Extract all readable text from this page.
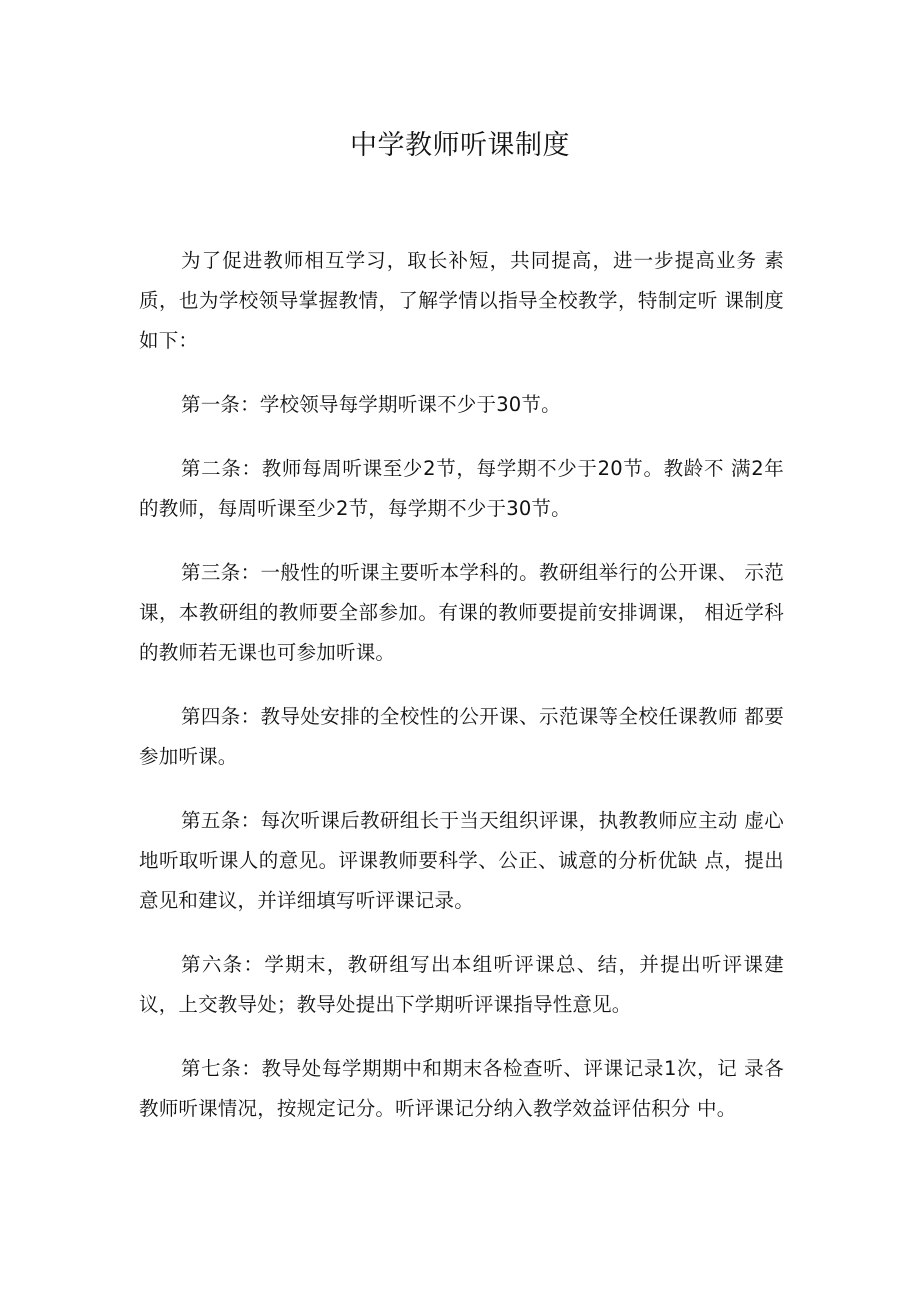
中学教师听课制度

为了促进教师相互学习，取长补短，共同提高，进一步提高业务 素质，也为学校领导掌握教情，了解学情以指导全校教学，特制定听 课制度如下：

第一条：学校领导每学期听课不少于30节。

第二条：教师每周听课至少2节，每学期不少于20节。教龄不 满2年的教师，每周听课至少2节，每学期不少于30节。

第三条：一般性的听课主要听本学科的。教研组举行的公开课、 示范课，本教研组的教师要全部参加。有课的教师要提前安排调课， 相近学科的教师若无课也可参加听课。

第四条：教导处安排的全校性的公开课、示范课等全校任课教师 都要参加听课。

第五条：每次听课后教研组长于当天组织评课，执教教师应主动 虚心地听取听课人的意见。评课教师要科学、公正、诚意的分析优缺 点，提出意见和建议，并详细填写听评课记录。

第六条：学期末，教研组写出本组听评课总、结，并提出听评课建议，上交教导处；教导处提出下学期听评课指导性意见。

第七条：教导处每学期期中和期末各检查听、评课记录1次，记 录各教师听课情况，按规定记分。听评课记分纳入教学效益评估积分 中。
